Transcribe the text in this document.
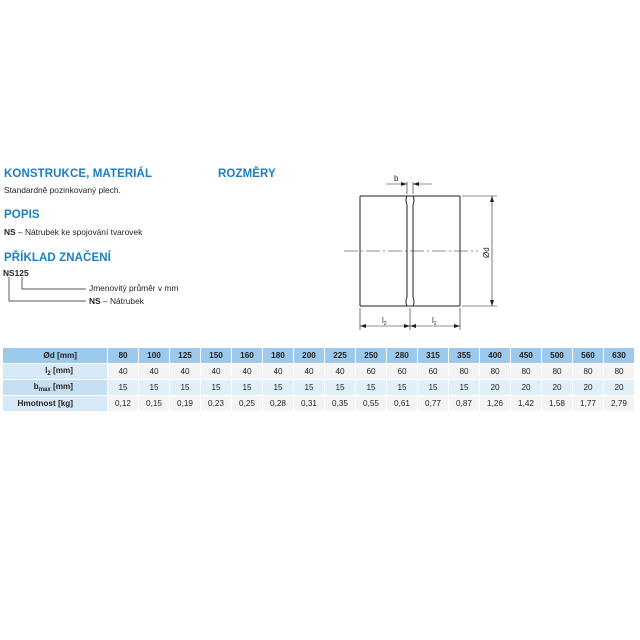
KONSTRUKCE, MATERIÁL
Standardně pozinkovaný plech.
POPIS
NS – Nátrubek ke spojování tvarovek
PŘÍKLAD ZNAČENÍ
NS125
Jmenovitý průměr v mm
NS – Nátrubek
ROZMĚRY	b
Ød
$l_2$	$l_2$
Ød [mm]	80	100	125	150	160	180	200	225	250	280	315	355	400	450	500	560	630
$l_2$ [mm]	40	40	40	40	40	40	40	40	60	60	60	80	80	80	80	80	80
$b_{max}$ [mm]	15	15	15	15	15	15	15	15	15	15	15	15	20	20	20	20	20
Hmotnost [kg]	0,12	0,15	0,19	0,23	0,25	0,28	0,31	0,35	0,55	0,61	0,77	0,87	1,26	1,42	1,58	1,77	2,79
